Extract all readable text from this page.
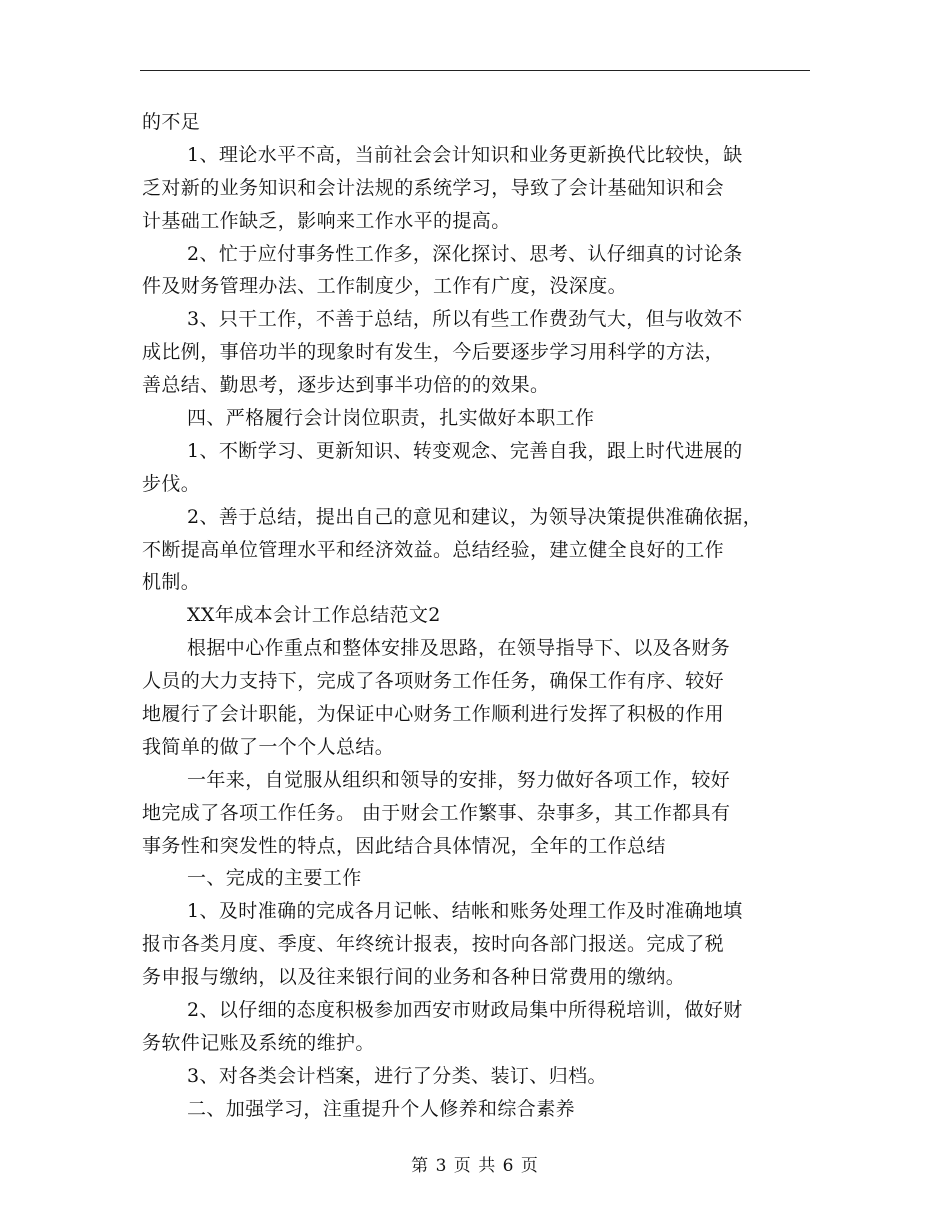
的不足
1、理论水平不高，当前社会会计知识和业务更新换代比较快，缺
乏对新的业务知识和会计法规的系统学习，导致了会计基础知识和会
计基础工作缺乏，影响来工作水平的提高。
2、忙于应付事务性工作多，深化探讨、思考、认仔细真的讨论条
件及财务管理办法、工作制度少，工作有广度，没深度。
3、只干工作，不善于总结，所以有些工作费劲气大，但与收效不
成比例，事倍功半的现象时有发生，今后要逐步学习用科学的方法，
善总结、勤思考，逐步达到事半功倍的的效果。
四、严格履行会计岗位职责，扎实做好本职工作
1、不断学习、更新知识、转变观念、完善自我，跟上时代进展的
步伐。
2、善于总结，提出自己的意见和建议，为领导决策提供准确依据，
不断提高单位管理水平和经济效益。总结经验，建立健全良好的工作
机制。
XX年成本会计工作总结范文2
根据中心作重点和整体安排及思路，在领导指导下、以及各财务
人员的大力支持下，完成了各项财务工作任务，确保工作有序、较好
地履行了会计职能，为保证中心财务工作顺利进行发挥了积极的作用
我简单的做了一个个人总结。
一年来，自觉服从组织和领导的安排，努力做好各项工作，较好
地完成了各项工作任务。 由于财会工作繁事、杂事多，其工作都具有
事务性和突发性的特点，因此结合具体情况，全年的工作总结
一、完成的主要工作
1、及时准确的完成各月记帐、结帐和账务处理工作及时准确地填
报市各类月度、季度、年终统计报表，按时向各部门报送。完成了税
务申报与缴纳，以及往来银行间的业务和各种日常费用的缴纳。
2、以仔细的态度积极参加西安市财政局集中所得税培训，做好财
务软件记账及系统的维护。
3、对各类会计档案，进行了分类、装订、归档。
二、加强学习，注重提升个人修养和综合素养
第 3 页 共 6 页
